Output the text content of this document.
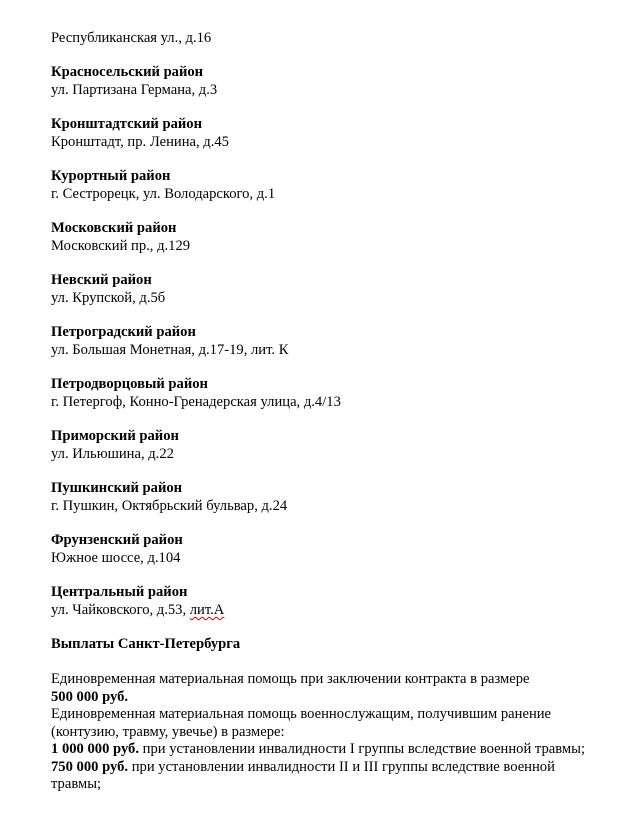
Республиканская ул., д.16
Красносельский район
ул. Партизана Германа, д.3
Кронштадтский район
Кронштадт, пр. Ленина, д.45
Курортный район
г. Сестрорецк, ул. Володарского, д.1
Московский район
Московский пр., д.129
Невский район
ул. Крупской, д.5б
Петроградский район
ул. Большая Монетная, д.17-19, лит. К
Петродворцовый район
г. Петергоф, Конно-Гренадерская улица, д.4/13
Приморский район
ул. Ильюшина, д.22
Пушкинский район
г. Пушкин, Октябрьский бульвар, д.24
Фрунзенский район
Южное шоссе, д.104
Центральный район
ул. Чайковского, д.53, лит.А
Выплаты Санкт-Петербурга
Единовременная материальная помощь при заключении контракта в размере
500 000 руб.
Единовременная материальная помощь военнослужащим, получившим ранение (контузию, травму, увечье) в размере:
1 000 000 руб. при установлении инвалидности I группы вследствие военной травмы;
750 000 руб. при установлении инвалидности II и III группы вследствие военной травмы;
